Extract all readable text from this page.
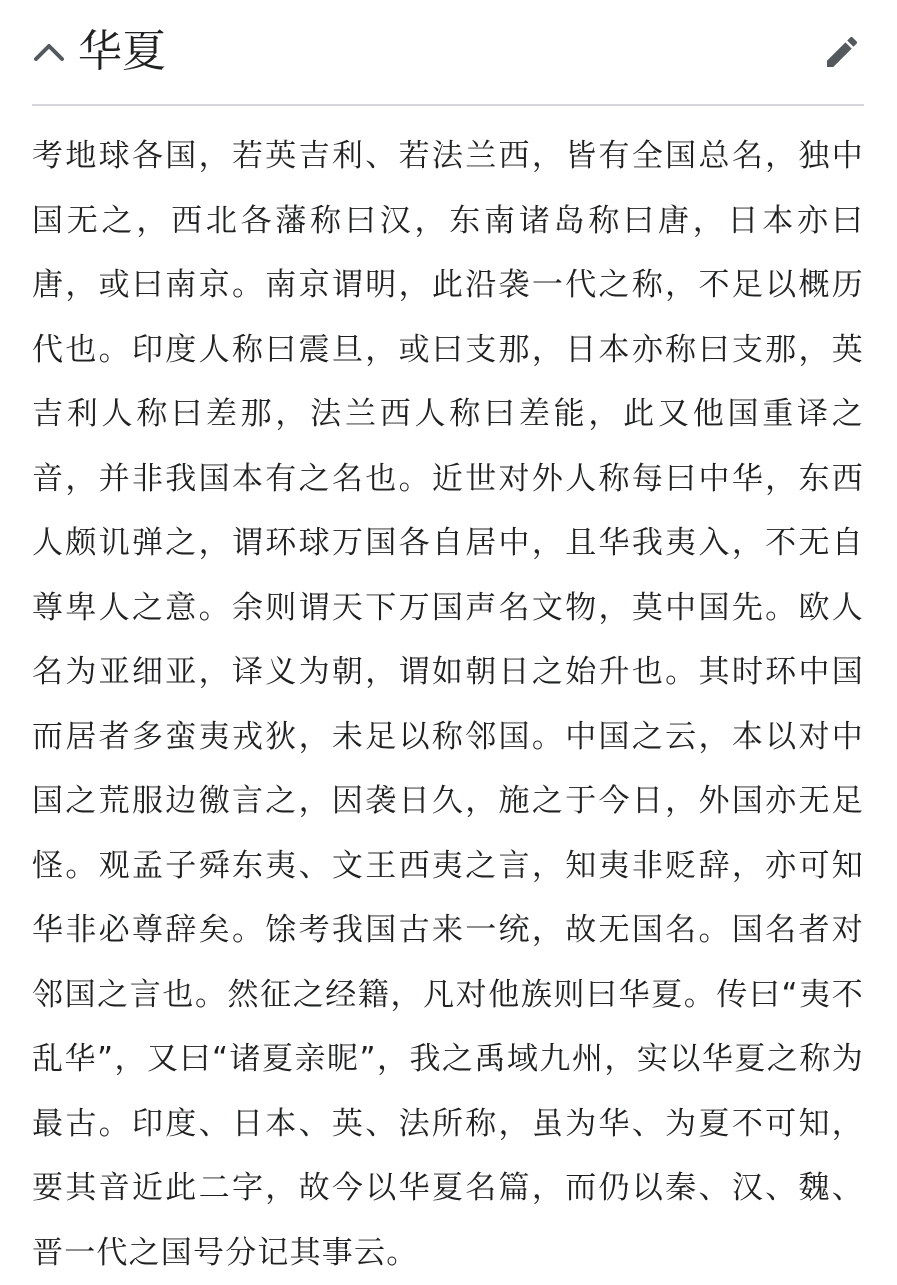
华夏

考地球各国，若英吉利、若法兰西，皆有全国总名，独中国无之，西北各藩称曰汉，东南诸岛称曰唐，日本亦曰唐，或曰南京。南京谓明，此沿袭一代之称，不足以概历代也。印度人称曰震旦，或曰支那，日本亦称曰支那，英吉利人称曰差那，法兰西人称曰差能，此又他国重译之音，并非我国本有之名也。近世对外人称每曰中华，东西人颇讥弹之，谓环球万国各自居中，且华我夷入，不无自尊卑人之意。余则谓天下万国声名文物，莫中国先。欧人名为亚细亚，译义为朝，谓如朝日之始升也。其时环中国而居者多蛮夷戎狄，未足以称邻国。中国之云，本以对中国之荒服边徼言之，因袭日久，施之于今日，外国亦无足怪。观孟子舜东夷、文王西夷之言，知夷非贬辞，亦可知华非必尊辞矣。馀考我国古来一统，故无国名。国名者对邻国之言也。然征之经籍，凡对他族则曰华夏。传曰“夷不乱华”，又曰“诸夏亲昵”，我之禹域九州，实以华夏之称为最古。印度、日本、英、法所称，虽为华、为夏不可知，要其音近此二字，故今以华夏名篇，而仍以秦、汉、魏、晋一代之国号分记其事云。
